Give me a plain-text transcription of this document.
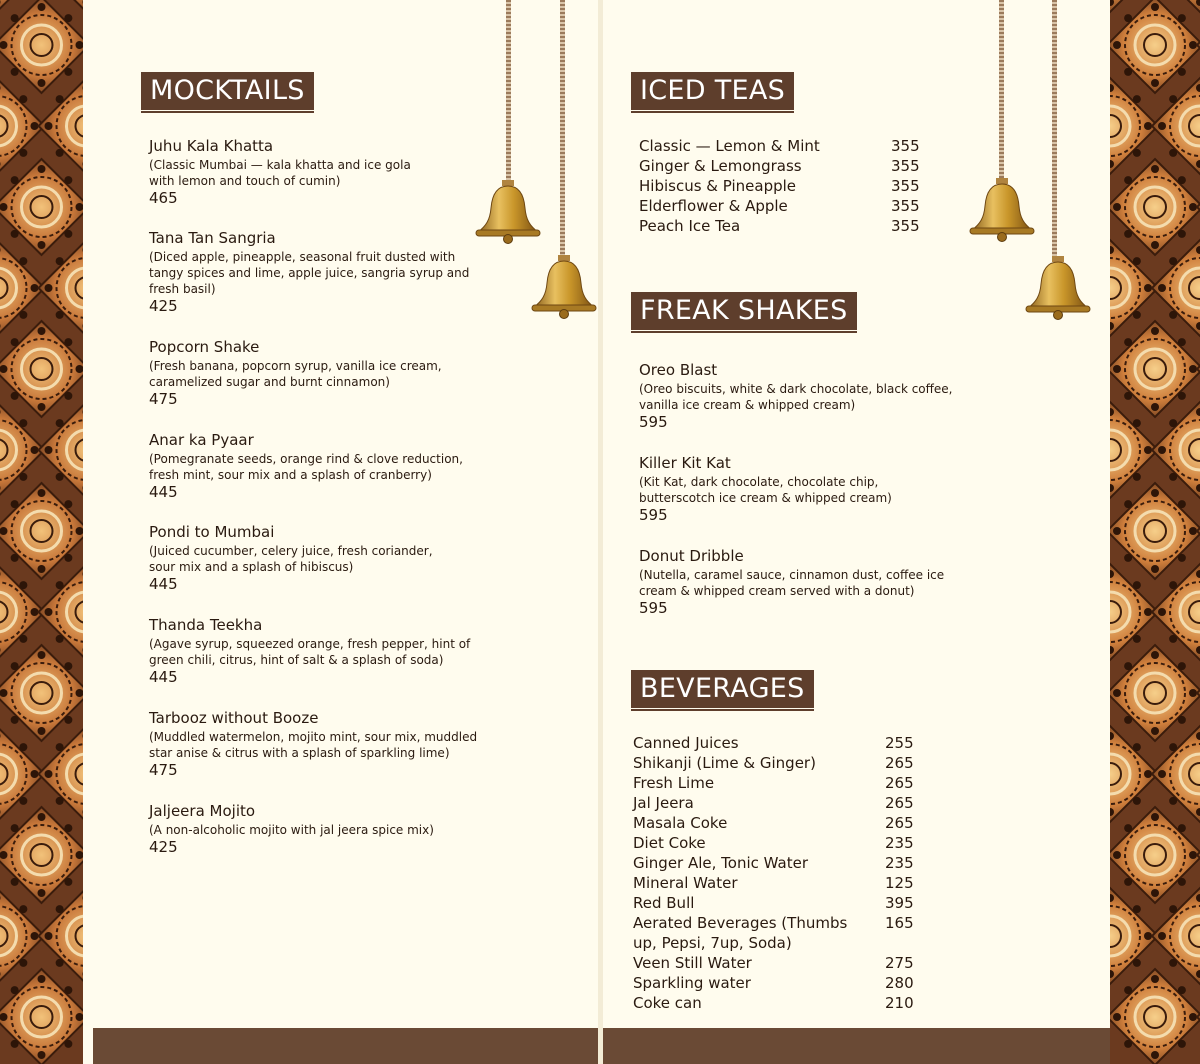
MOCKTAILS
Juhu Kala Khatta
(Classic Mumbai — kala khatta and ice gola
with lemon and touch of cumin)
465
Tana Tan Sangria
(Diced apple, pineapple, seasonal fruit dusted with
tangy spices and lime, apple juice, sangria syrup and
fresh basil)
425
Popcorn Shake
(Fresh banana, popcorn syrup, vanilla ice cream,
caramelized sugar and burnt cinnamon)
475
Anar ka Pyaar
(Pomegranate seeds, orange rind & clove reduction,
fresh mint, sour mix and a splash of cranberry)
445
Pondi to Mumbai
(Juiced cucumber, celery juice, fresh coriander,
sour mix and a splash of hibiscus)
445
Thanda Teekha
(Agave syrup, squeezed orange, fresh pepper, hint of
green chili, citrus, hint of salt & a splash of soda)
445
Tarbooz without Booze
(Muddled watermelon, mojito mint, sour mix, muddled
star anise & citrus with a splash of sparkling lime)
475
Jaljeera Mojito
(A non-alcoholic mojito with jal jeera spice mix)
425
ICED TEAS
Classic — Lemon & Mint	355
Ginger & Lemongrass	355
Hibiscus & Pineapple	355
Elderflower & Apple	355
Peach Ice Tea	355
FREAK SHAKES
Oreo Blast
(Oreo biscuits, white & dark chocolate, black coffee,
vanilla ice cream & whipped cream)
595
Killer Kit Kat
(Kit Kat, dark chocolate, chocolate chip,
butterscotch ice cream & whipped cream)
595
Donut Dribble
(Nutella, caramel sauce, cinnamon dust, coffee ice
cream & whipped cream served with a donut)
595
BEVERAGES
Canned Juices	255
Shikanji (Lime & Ginger)	265
Fresh Lime	265
Jal Jeera	265
Masala Coke	265
Diet Coke	235
Ginger Ale, Tonic Water	235
Mineral Water	125
Red Bull	395
Aerated Beverages (Thumbs
up, Pepsi, 7up, Soda)
165
Veen Still Water	275
Sparkling water	280
Coke can	210
